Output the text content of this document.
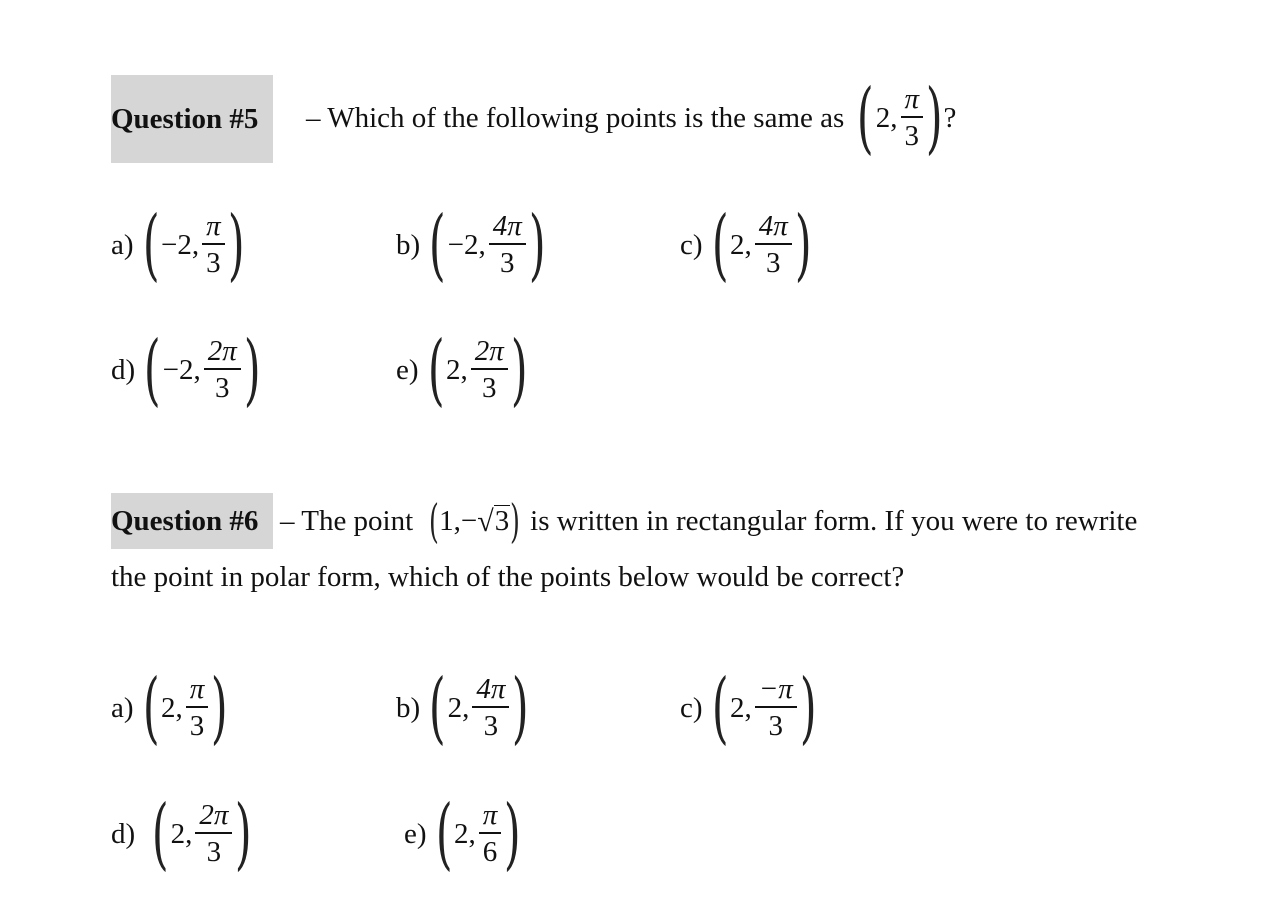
Question #5 – Which of the following points is the same as ( 2, $\frac{\pi}{3}$ ) ?
a) ( −2, $\frac{\pi}{3}$ )	b) ( −2, $\frac{4\pi}{3}$ )	c) ( 2, $\frac{4\pi}{3}$ )
d) ( −2, $\frac{2\pi}{3}$ )	e) ( 2, $\frac{2\pi}{3}$ )
Question #6 – The point ( 1, − √ 3 ) is written in rectangular form. If you were to rewrite
the point in polar form, which of the points below would be correct?
a) ( 2, $\frac{\pi}{3}$ )	b) ( 2, $\frac{4\pi}{3}$ )	c) ( 2, $\frac{-\pi}{3}$ )
d) ( 2, $\frac{2\pi}{3}$ )	e) ( 2, $\frac{\pi}{6}$ )
